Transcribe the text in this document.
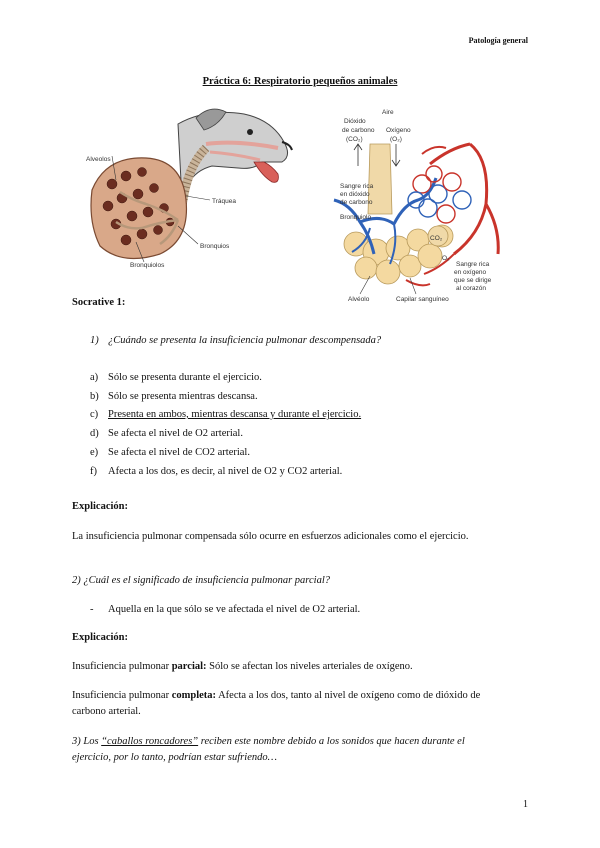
Patología general
Práctica 6: Respiratorio pequeños animales
Alveolos
Tráquea
Bronquios
Bronquiolos
Aire
Dióxido
de carbono
(CO₂)
Oxígeno
(O₂)
CO₂
O₂
Sangre rica
en dióxido
de carbono
Bronquiolo
Sangre rica
en oxígeno
que se dirige
al corazón
Alvéolo	Capilar sanguíneo
Socrative 1:
1) ¿Cuándo se presenta la insuficiencia pulmonar descompensada?
a) Sólo se presenta durante el ejercicio.
b) Sólo se presenta mientras descansa.
c) Presenta en ambos, mientras descansa y durante el ejercicio.
d) Se afecta el nivel de O2 arterial.
e) Se afecta el nivel de CO2 arterial.
f) Afecta a los dos, es decir, al nivel de O2 y CO2 arterial.
Explicación:
La insuficiencia pulmonar compensada sólo ocurre en esfuerzos adicionales como el ejercicio.
2) ¿Cuál es el significado de insuficiencia pulmonar parcial?
- Aquella en la que sólo se ve afectada el nivel de O2 arterial.
Explicación:
Insuficiencia pulmonar parcial: Sólo se afectan los niveles arteriales de oxígeno.
Insuficiencia pulmonar completa: Afecta a los dos, tanto al nivel de oxígeno como de dióxido de
carbono arterial.
3) Los “caballos roncadores” reciben este nombre debido a los sonidos que hacen durante el
ejercicio, por lo tanto, podrían estar sufriendo…
1
